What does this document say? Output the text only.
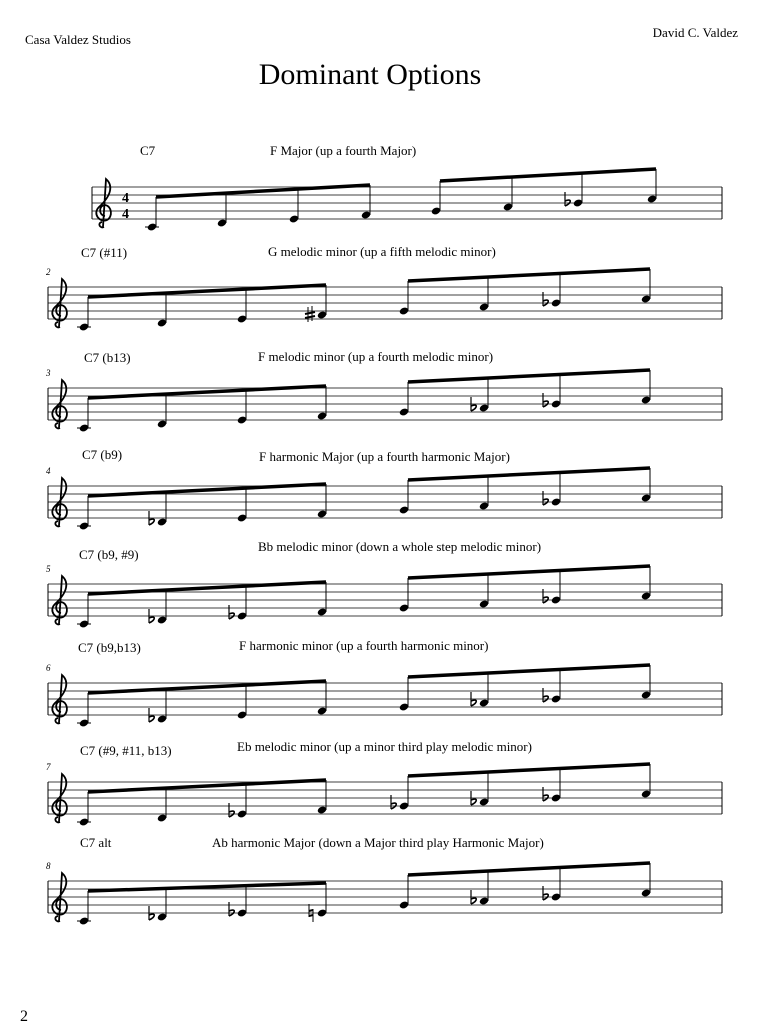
Casa Valdez Studios	David C. Valdez
Dominant Options
4
4
C7	F Major (up a fourth Major)
C7 (#11)	G melodic minor (up a fifth melodic minor)
2
C7 (b13)	F melodic minor (up a fourth melodic minor)
3
C7 (b9)	F harmonic Major (up a fourth harmonic Major)
4
C7 (b9, #9)
Bb melodic minor (down a whole step melodic minor)
5
C7 (b9,b13)	F harmonic minor (up a fourth harmonic minor)
6
C7 (#9, #11, b13)	Eb melodic minor (up a minor third play melodic minor)
7
C7 alt	Ab harmonic Major (down a Major third play Harmonic Major)
8
2
